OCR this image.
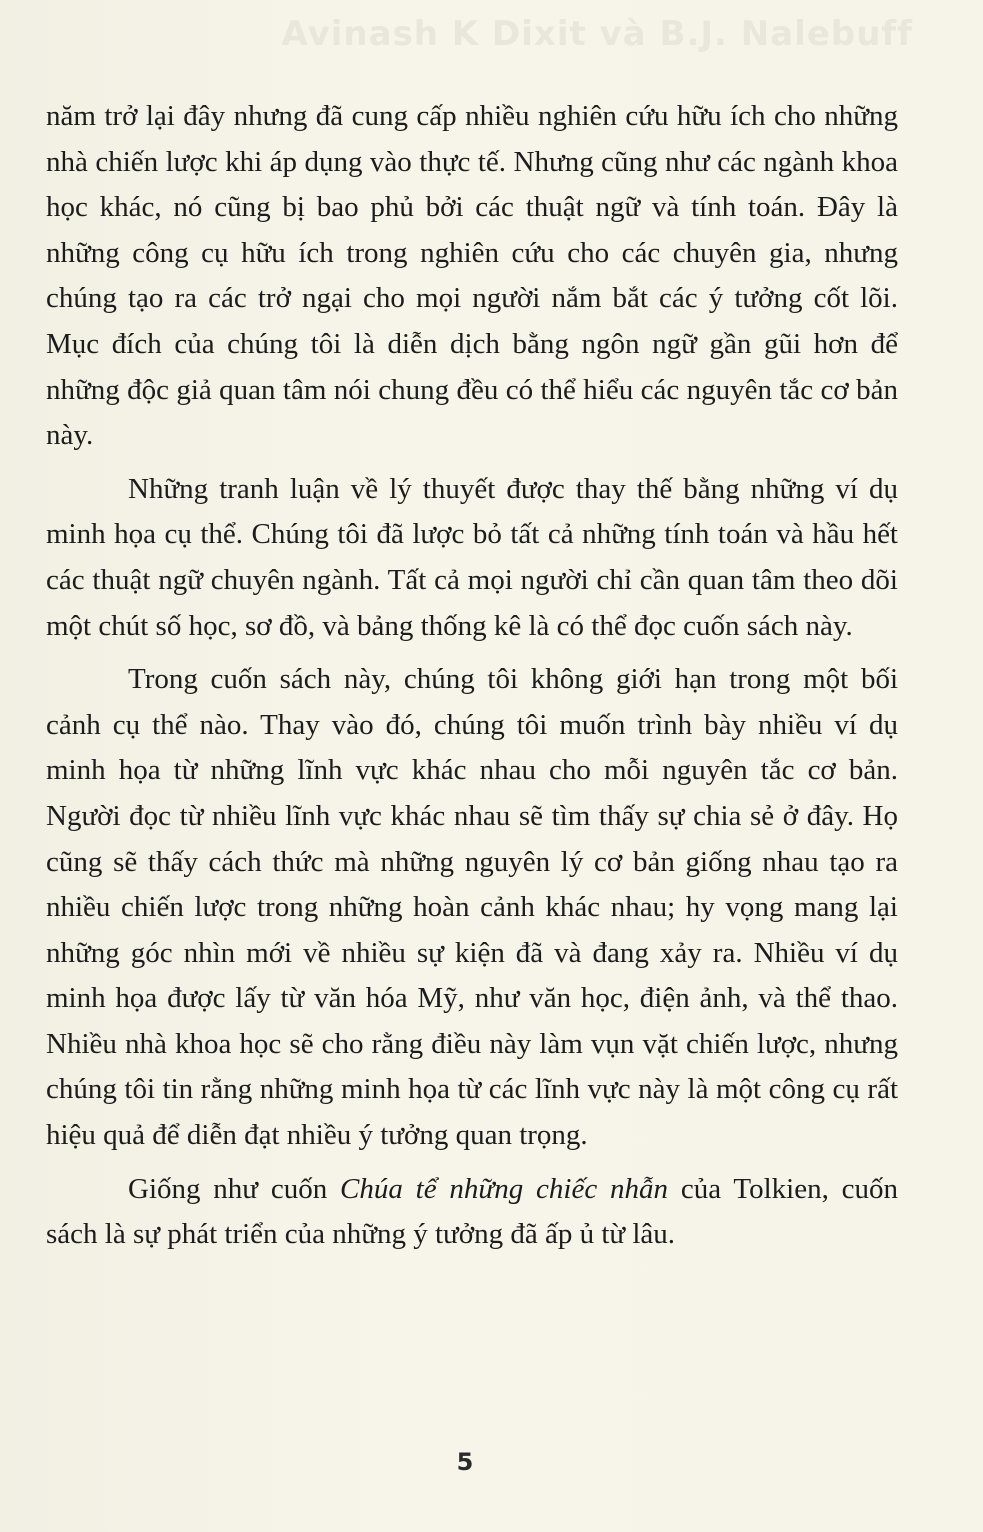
Avinash K Dixit và B.J. Nalebuff

năm trở lại đây nhưng đã cung cấp nhiều nghiên cứu hữu ích cho những nhà chiến lược khi áp dụng vào thực tế. Nhưng cũng như các ngành khoa học khác, nó cũng bị bao phủ bởi các thuật ngữ và tính toán. Đây là những công cụ hữu ích trong nghiên cứu cho các chuyên gia, nhưng chúng tạo ra các trở ngại cho mọi người nắm bắt các ý tưởng cốt lõi. Mục đích của chúng tôi là diễn dịch bằng ngôn ngữ gần gũi hơn để những độc giả quan tâm nói chung đều có thể hiểu các nguyên tắc cơ bản này.

Những tranh luận về lý thuyết được thay thế bằng những ví dụ minh họa cụ thể. Chúng tôi đã lược bỏ tất cả những tính toán và hầu hết các thuật ngữ chuyên ngành. Tất cả mọi người chỉ cần quan tâm theo dõi một chút số học, sơ đồ, và bảng thống kê là có thể đọc cuốn sách này.

Trong cuốn sách này, chúng tôi không giới hạn trong một bối cảnh cụ thể nào. Thay vào đó, chúng tôi muốn trình bày nhiều ví dụ minh họa từ những lĩnh vực khác nhau cho mỗi nguyên tắc cơ bản. Người đọc từ nhiều lĩnh vực khác nhau sẽ tìm thấy sự chia sẻ ở đây. Họ cũng sẽ thấy cách thức mà những nguyên lý cơ bản giống nhau tạo ra nhiều chiến lược trong những hoàn cảnh khác nhau; hy vọng mang lại những góc nhìn mới về nhiều sự kiện đã và đang xảy ra. Nhiều ví dụ minh họa được lấy từ văn hóa Mỹ, như văn học, điện ảnh, và thể thao. Nhiều nhà khoa học sẽ cho rằng điều này làm vụn vặt chiến lược, nhưng chúng tôi tin rằng những minh họa từ các lĩnh vực này là một công cụ rất hiệu quả để diễn đạt nhiều ý tưởng quan trọng.

Giống như cuốn Chúa tể những chiếc nhẫn của Tolkien, cuốn sách là sự phát triển của những ý tưởng đã ấp ủ từ lâu.

5
